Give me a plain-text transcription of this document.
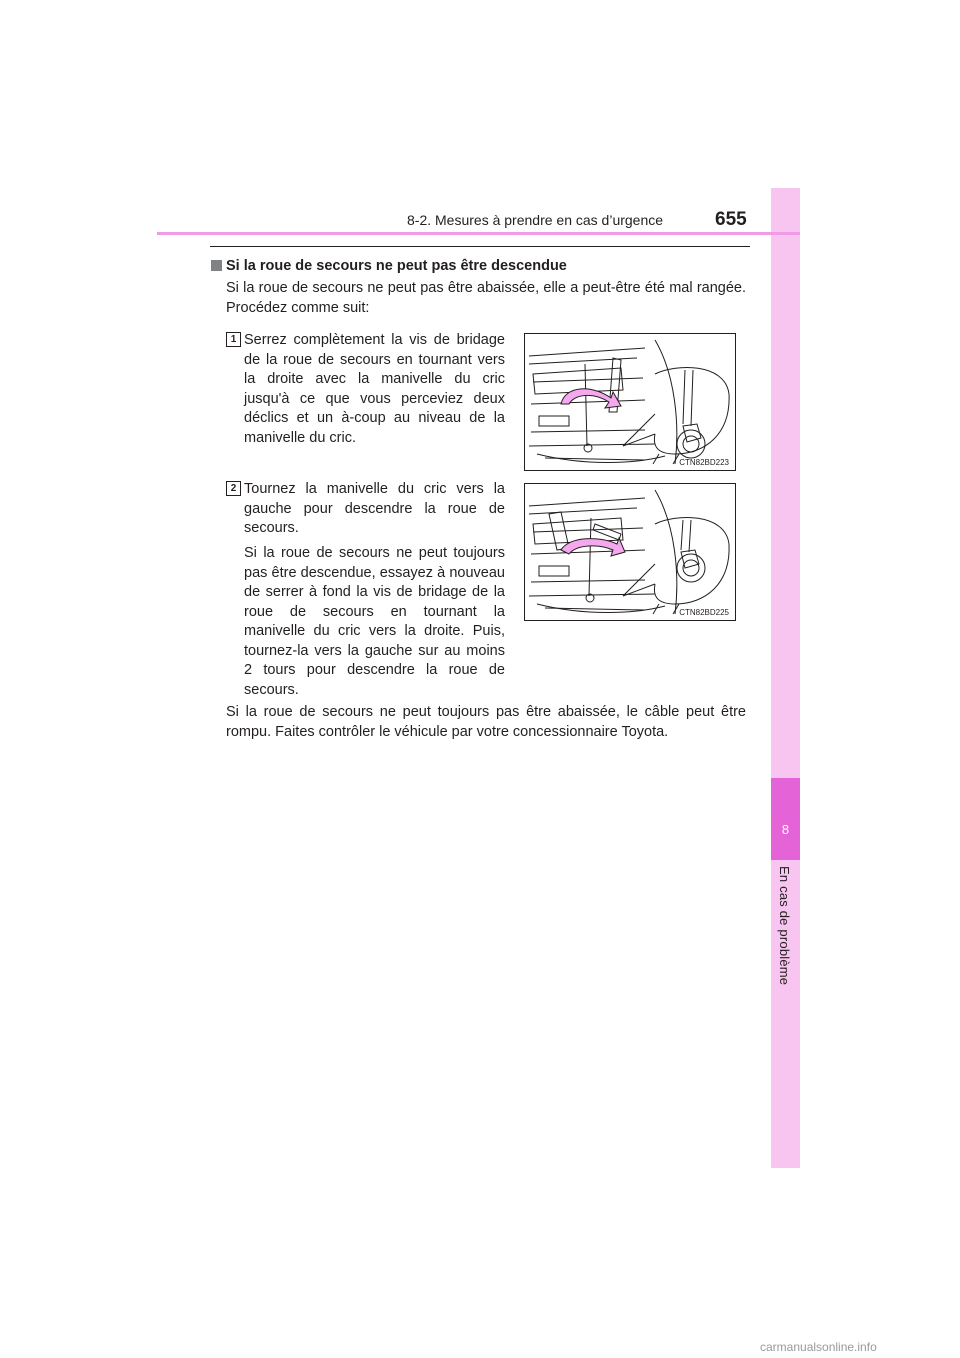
8
En cas de problème
8-2. Mesures à prendre en cas d’urgence	655
Si la roue de secours ne peut pas être descendue
Si la roue de secours ne peut pas être abaissée, elle a peut-être été mal rangée. Procédez comme suit:
1 Serrez complètement la vis de bridage de la roue de secours en tournant vers la droite avec la manivelle du cric jusqu'à ce que vous perceviez deux déclics et un à-coup au niveau de la manivelle du cric.
CTN82BD223
2 Tournez la manivelle du cric vers la gauche pour descendre la roue de secours.
Si la roue de secours ne peut toujours pas être descendue, essayez à nouveau de serrer à fond la vis de bridage de la roue de secours en tournant la manivelle du cric vers la droite. Puis, tournez-la vers la gauche sur au moins 2 tours pour descendre la roue de secours.
CTN82BD225
Si la roue de secours ne peut toujours pas être abaissée, le câble peut être rompu. Faites contrôler le véhicule par votre concessionnaire Toyota.
carmanualsonline.info
